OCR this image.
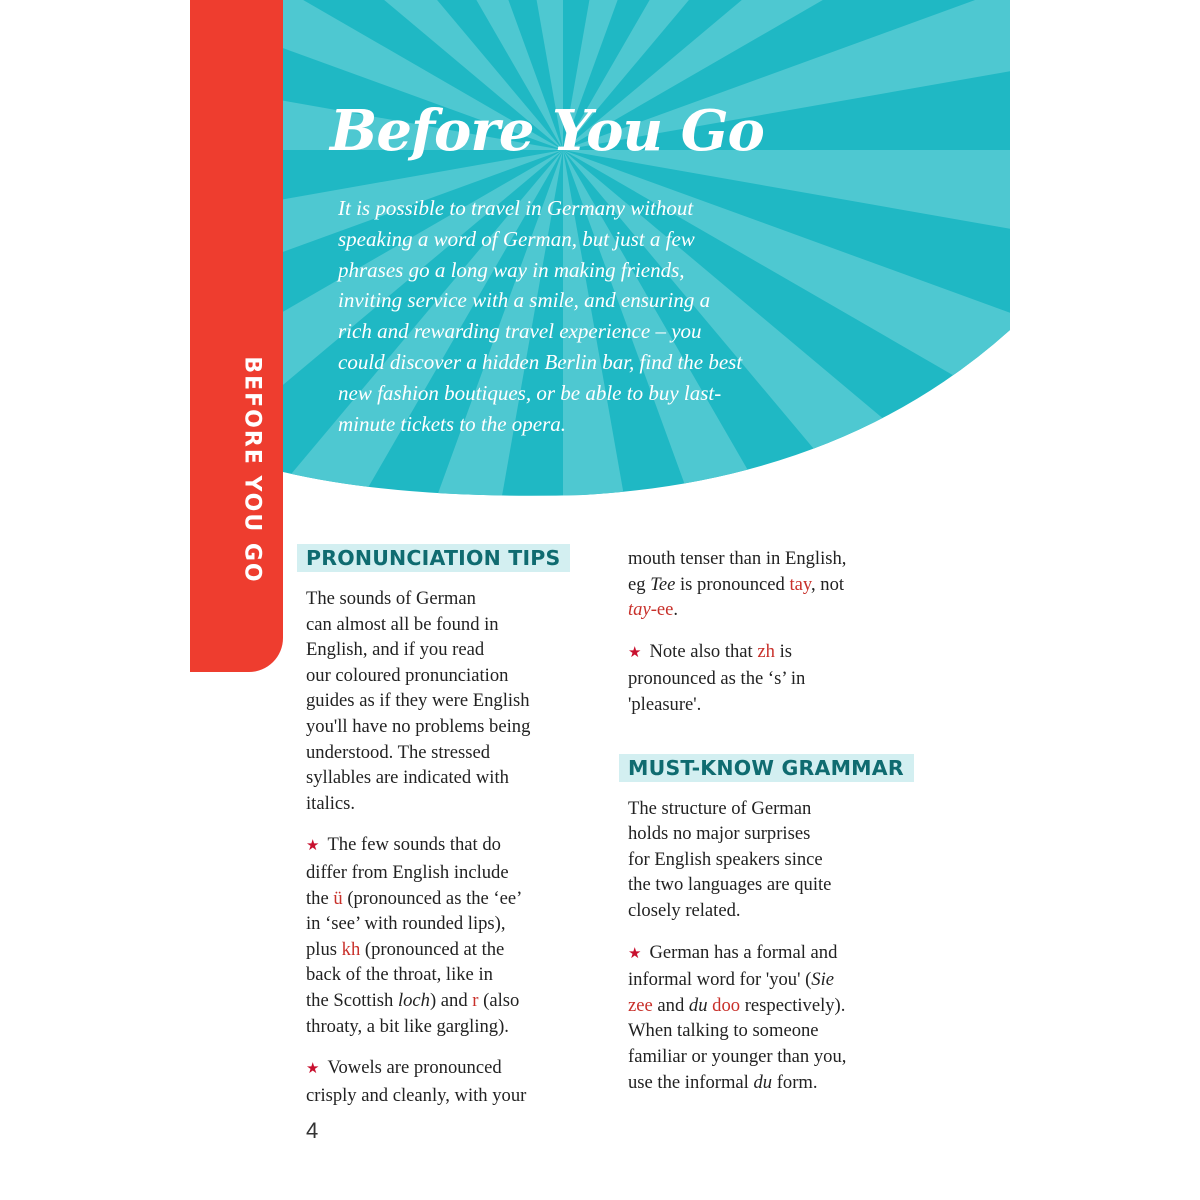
BEFORE YOU GO
Before You Go
It is possible to travel in Germany without
speaking a word of German, but just a few
phrases go a long way in making friends,
inviting service with a smile, and ensuring a
rich and rewarding travel experience – you
could discover a hidden Berlin bar, find the best
new fashion boutiques, or be able to buy last-
minute tickets to the opera.
PRONUNCIATION TIPS
The sounds of German
can almost all be found in
English, and if you read
our coloured pronunciation
guides as if they were English
you'll have no problems being
understood. The stressed
syllables are indicated with
italics.
★ The few sounds that do
differ from English include
the ü (pronounced as the ‘ee’
in ‘see’ with rounded lips),
plus kh (pronounced at the
back of the throat, like in
the Scottish loch) and r (also
throaty, a bit like gargling).
★ Vowels are pronounced
crisply and cleanly, with your
mouth tenser than in English,
eg Tee is pronounced tay, not
tay-ee.
★ Note also that zh is
pronounced as the ‘s’ in
'pleasure'.
MUST-KNOW GRAMMAR
The structure of German
holds no major surprises
for English speakers since
the two languages are quite
closely related.
★ German has a formal and
informal word for 'you' (Sie
zee and du doo respectively).
When talking to someone
familiar or younger than you,
use the informal du form.
4
